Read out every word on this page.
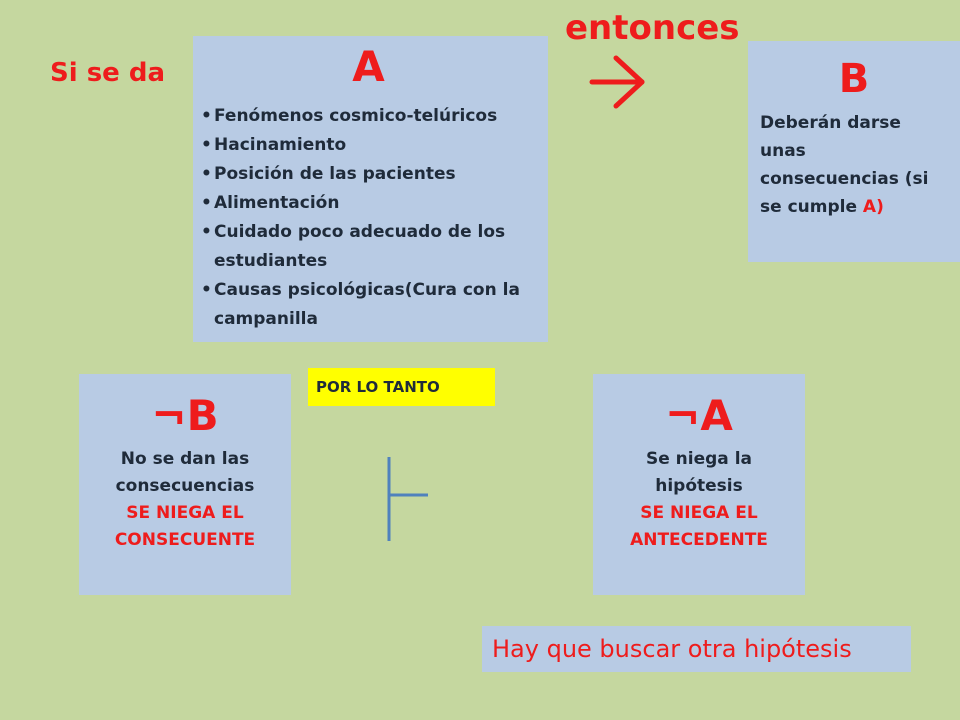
Si se da
entonces
A
• Fenómenos cosmico-telúricos
• Hacinamiento
• Posición de las pacientes
• Alimentación
• Cuidado poco adecuado de los estudiantes
• Causas psicológicas(Cura con la campanilla
B
Deberán darse unas consecuencias (si se cumple A)
POR LO TANTO
¬B
No se dan las consecuencias
SE NIEGA EL CONSECUENTE
¬A
Se niega la hipótesis
SE NIEGA EL ANTECEDENTE
Hay que buscar otra hipótesis
